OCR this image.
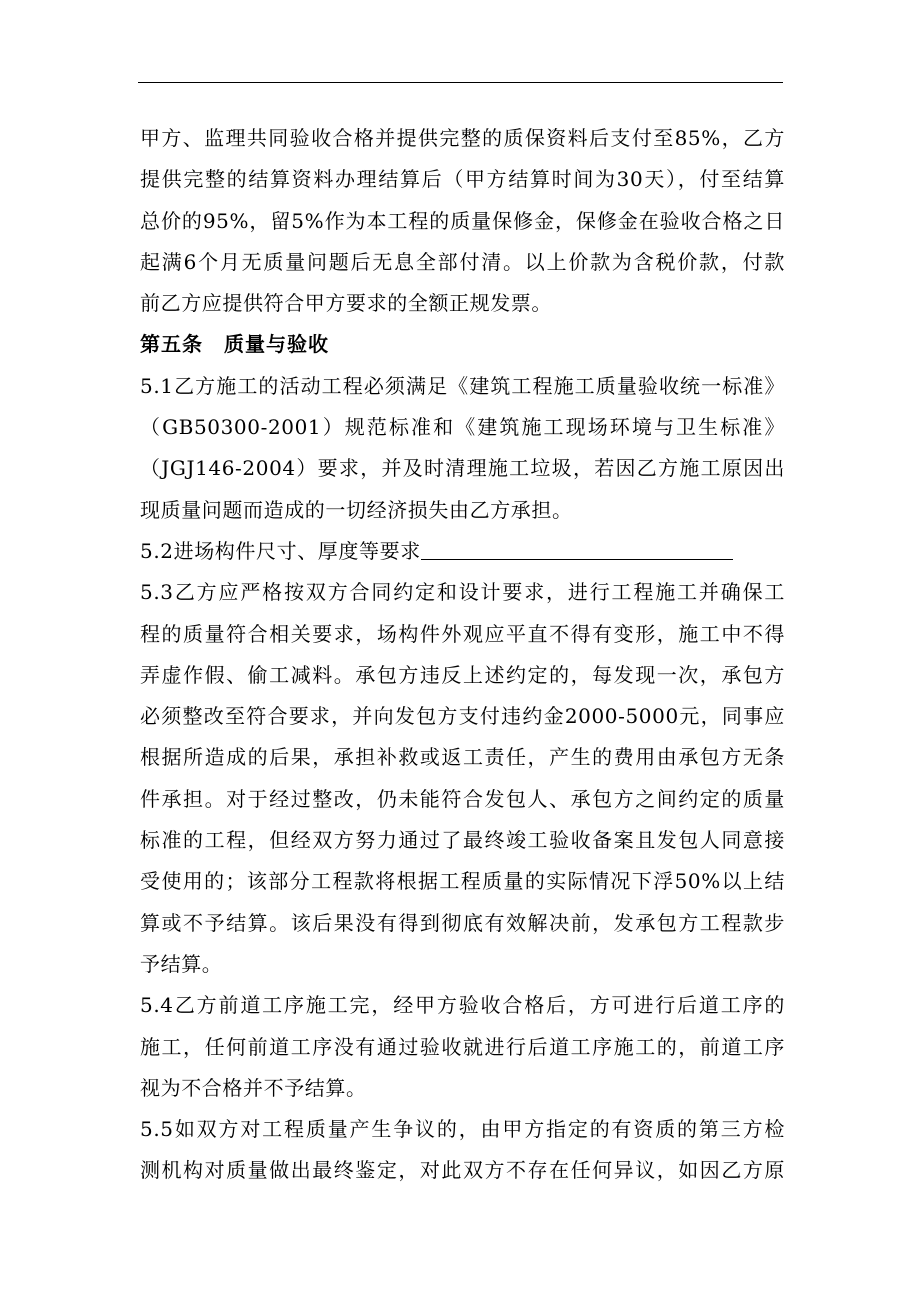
甲方、监理共同验收合格并提供完整的质保资料后支付至85%，乙方
提供完整的结算资料办理结算后（甲方结算时间为30天），付至结算
总价的95%，留5%作为本工程的质量保修金，保修金在验收合格之日
起满6个月无质量问题后无息全部付清。以上价款为含税价款，付款
前乙方应提供符合甲方要求的全额正规发票。
第五条　质量与验收
5.1乙方施工的活动工程必须满足《建筑工程施工质量验收统一标准》
（GB50300-2001）规范标准和《建筑施工现场环境与卫生标准》
（JGJ146-2004）要求，并及时清理施工垃圾，若因乙方施工原因出
现质量问题而造成的一切经济损失由乙方承担。
5.2进场构件尺寸、厚度等要求
5.3乙方应严格按双方合同约定和设计要求，进行工程施工并确保工
程的质量符合相关要求，场构件外观应平直不得有变形，施工中不得
弄虚作假、偷工减料。承包方违反上述约定的，每发现一次，承包方
必须整改至符合要求，并向发包方支付违约金2000-5000元，同事应
根据所造成的后果，承担补救或返工责任，产生的费用由承包方无条
件承担。对于经过整改，仍未能符合发包人、承包方之间约定的质量
标准的工程，但经双方努力通过了最终竣工验收备案且发包人同意接
受使用的；该部分工程款将根据工程质量的实际情况下浮50%以上结
算或不予结算。该后果没有得到彻底有效解决前，发承包方工程款步
予结算。
5.4乙方前道工序施工完，经甲方验收合格后，方可进行后道工序的
施工，任何前道工序没有通过验收就进行后道工序施工的，前道工序
视为不合格并不予结算。
5.5如双方对工程质量产生争议的，由甲方指定的有资质的第三方检
测机构对质量做出最终鉴定，对此双方不存在任何异议，如因乙方原
